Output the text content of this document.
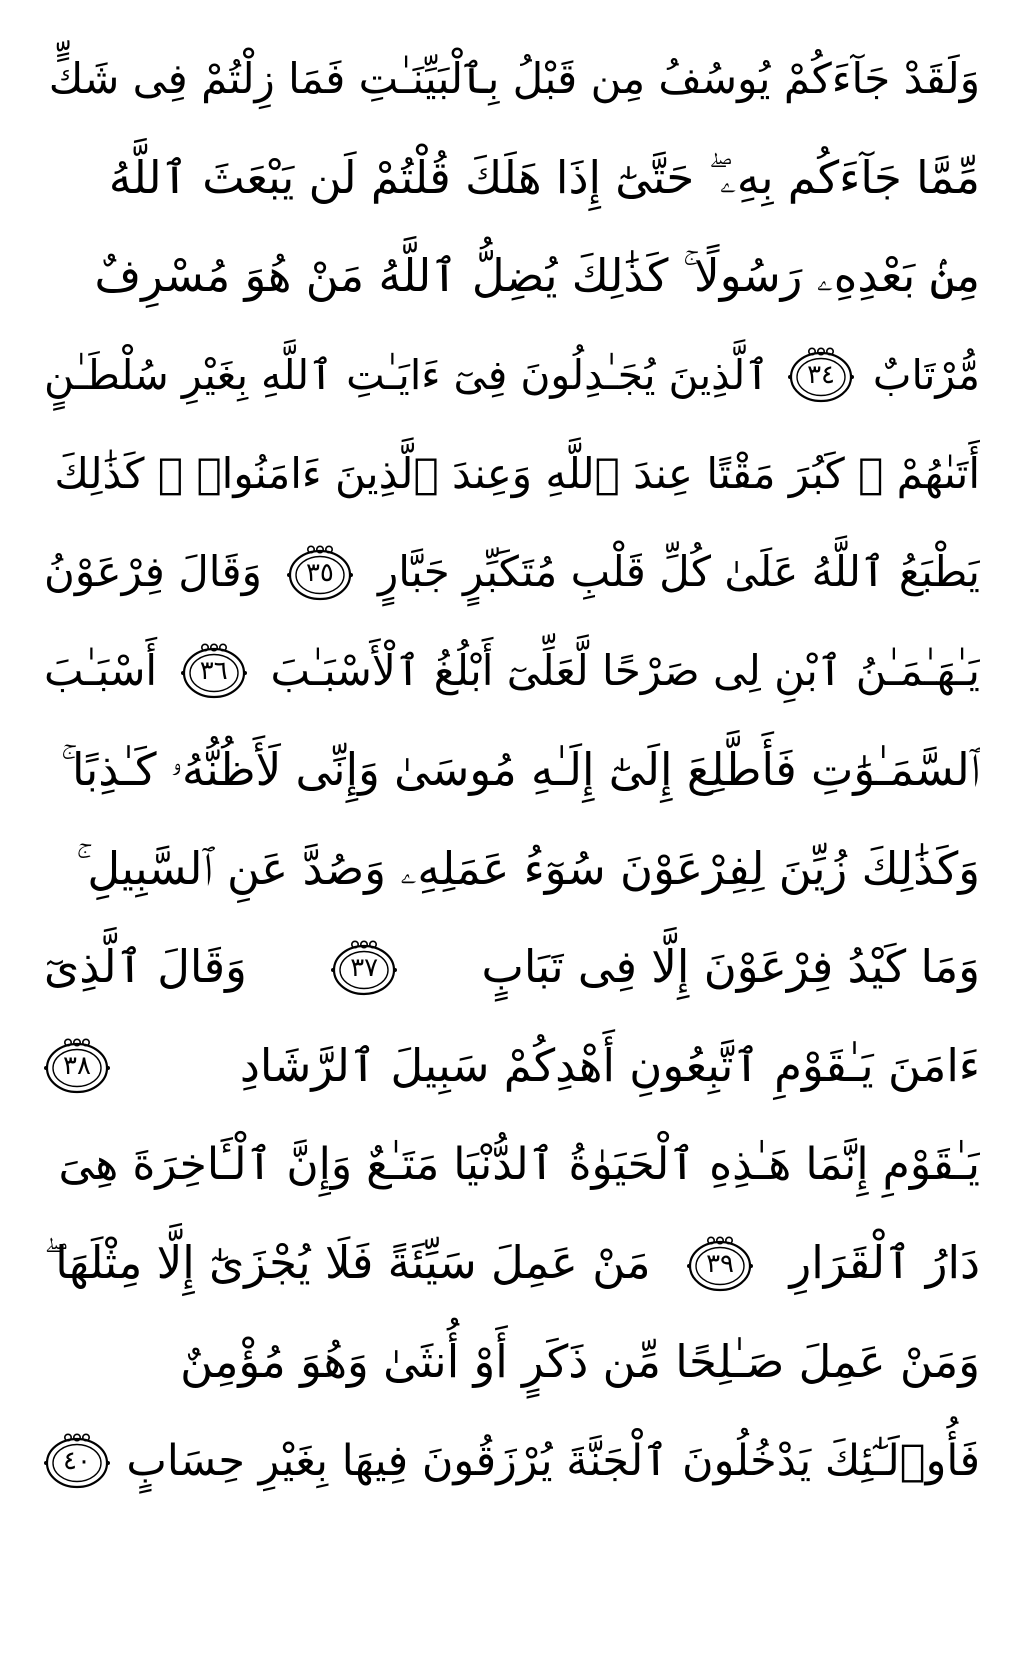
وَلَقَدْ جَآءَكُمْ يُوسُفُ مِن قَبْلُ بِٱلْبَيِّنَـٰتِ فَمَا زِلْتُمْ فِى شَكٍّ
مِّمَّا جَآءَكُم بِهِۦ ۖ حَتَّىٰٓ إِذَا هَلَكَ قُلْتُمْ لَن يَبْعَثَ ٱللَّهُ
مِنۢ بَعْدِهِۦ رَسُولًا ۚ كَذَٰلِكَ يُضِلُّ ٱللَّهُ مَنْ هُوَ مُسْرِفٌ
مُّرْتَابٌ
٣٤
ٱلَّذِينَ يُجَـٰدِلُونَ فِىٓ ءَايَـٰتِ ٱللَّهِ بِغَيْرِ سُلْطَـٰنٍ
أَتَىٰهُمْ ۖ كَبُرَ مَقْتًا عِندَ ٱللَّهِ وَعِندَ ٱلَّذِينَ ءَامَنُوا۟ ۚ كَذَٰلِكَ
يَطْبَعُ ٱللَّهُ عَلَىٰ كُلِّ قَلْبِ مُتَكَبِّرٍ جَبَّارٍ
٣٥
وَقَالَ فِرْعَوْنُ
يَـٰهَـٰمَـٰنُ ٱبْنِ لِى صَرْحًا لَّعَلِّىٓ أَبْلُغُ ٱلْأَسْبَـٰبَ
٣٦
أَسْبَـٰبَ
ٱلسَّمَـٰوَٰتِ فَأَطَّلِعَ إِلَىٰٓ إِلَـٰهِ مُوسَىٰ وَإِنِّى لَأَظُنُّهُۥ كَـٰذِبًا ۚ
وَكَذَٰلِكَ زُيِّنَ لِفِرْعَوْنَ سُوٓءُ عَمَلِهِۦ وَصُدَّ عَنِ ٱلسَّبِيلِ ۚ
وَمَا كَيْدُ فِرْعَوْنَ إِلَّا فِى تَبَابٍ
٣٧
وَقَالَ ٱلَّذِىٓ
ءَامَنَ يَـٰقَوْمِ ٱتَّبِعُونِ أَهْدِكُمْ سَبِيلَ ٱلرَّشَادِ
٣٨
يَـٰقَوْمِ إِنَّمَا هَـٰذِهِ ٱلْحَيَوٰةُ ٱلدُّنْيَا مَتَـٰعٌ وَإِنَّ ٱلْـَٔاخِرَةَ هِىَ
دَارُ ٱلْقَرَارِ
٣٩
مَنْ عَمِلَ سَيِّئَةً فَلَا يُجْزَىٰٓ إِلَّا مِثْلَهَا ۖ
وَمَنْ عَمِلَ صَـٰلِحًا مِّن ذَكَرٍ أَوْ أُنثَىٰ وَهُوَ مُؤْمِنٌ
فَأُو۟لَـٰٓئِكَ يَدْخُلُونَ ٱلْجَنَّةَ يُرْزَقُونَ فِيهَا بِغَيْرِ حِسَابٍ
٤٠
